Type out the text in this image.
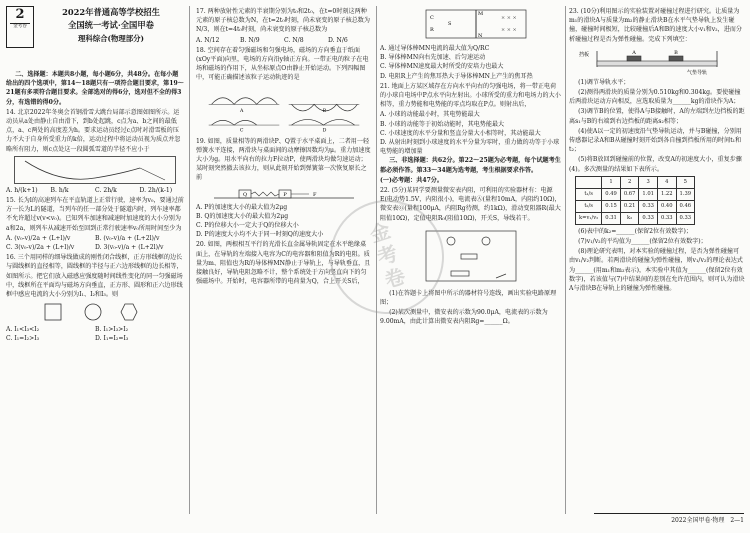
2
金考卷
2022年普通高等学校招生
全国统一考试·全国甲卷
理科综合(物理部分)

二、选择题：本题共8小题，每小题6分，共48分。在每小题给出的四个选项中，第14～18题只有一项符合题目要求，第19～21题有多项符合题目要求。全部选对的得6分，选对但不全的得3分，有选错的得0分。

14. 北京2022年冬奥会首钢滑雪大跳台局部示意图如图所示。运动员从a处由静止自由滑下，到b处起跳，c点为a、b之间的最低点，a、c两处的高度差为h。要求运动员经过c点时对滑雪板的压力不大于自身所受重力的k倍，运动过程中将运动员视为质点并忽略所有阻力，则c点处这一段圆弧雪道的半径不应小于

A. h/(k+1)	B. h/k	C. 2h/k	D. 2h/(k-1)

15. 长为l的高速列车在平直轨道上正常行驶，速率为v₀，要通过前方一长为L的隧道，当列车的任一部分处于隧道内时，列车速率都不允许超过v(v<v₀)。已知列车加速和减速时加速度的大小分别为a和2a，则列车从减速开始至回到正常行驶速率v₀所用时间至少为

A. (v₀-v)/2a + (L+l)/v	B. (v₀-v)/a + (L+2l)/v
C. 3(v₀-v)/2a + (L+l)/v	D. 3(v₀-v)/a + (L+2l)/v

16. 三个用同样的细导线做成的刚性闭合线框，正方形线框的边长与圆线框的直径相等，圆线框的半径与正六边形线框的边长相等，如图所示。把它们放入磁感应强度随时间线性变化的同一匀强磁场中，线框所在平面均与磁场方向垂直，正方形、圆形和正六边形线框中感应电流的大小分别为I₁、I₂和I₃。则

A. I₁<I₃<I₂	B. I₁>I₃>I₂
C. I₁=I₂>I₃	D. I₁=I₂=I₃

17. 两种放射性元素的半衰期分别为t₀和2t₀，在t=0时刻这两种元素的原子核总数为N，在t=2t₀时刻，尚未衰变的原子核总数为N/3，则在t=4t₀时刻，尚未衰变的原子核总数为

A. N/12	B. N/9	C. N/8	D. N/6

18. 空间存在着匀强磁场和匀强电场，磁场的方向垂直于纸面(xOy平面)向里，电场的方向沿y轴正方向。一带正电的粒子在电场和磁场的作用下，从坐标原点O由静止开始运动。下列四幅图中，可能正确描述该粒子运动轨迹的是

A	B
C	D

19. 如图，质量相等的两滑块P、Q置于水平桌面上，二者用一轻弹簧水平连接，两滑块与桌面间的动摩擦因数均为μ。重力加速度大小为g。用水平向右的拉力F拉动P，使两滑块均做匀速运动；某时刻突然撤去该拉力，则从此刻开始到弹簧第一次恢复原长之前

Q	P	F
A. P的加速度大小的最大值为2μg
B. Q的加速度大小的最大值为2μg
C. P的位移大小一定大于Q的位移大小
D. P的速度大小均不大于同一时刻Q的速度大小

20. 如图，两根相互平行的光滑长直金属导轨固定在水平绝缘桌面上，在导轨的左端接入电容为C的电容器和阻值为R的电阻。质量为m、阻值也为R的导体棒MN静止于导轨上，与导轨垂直，且接触良好，导轨电阻忽略不计，整个系统处于方向竖直向下的匀强磁场中。开始时，电容器所带的电荷量为Q，合上开关S后，

M
N
C
R
S
× × ×
× × ×
A. 通过导体棒MN电流的最大值为Q/RC
B. 导体棒MN向右先加速、后匀速运动
C. 导体棒MN速度最大时所受的安培力也最大
D. 电阻R上产生的焦耳热大于导体棒MN上产生的焦耳热

21. 地面上方某区域存在方向水平向右的匀强电场，将一带正电荷的小球自电场中P点水平向左射出。小球所受的重力和电场力的大小相等，重力势能和电势能的零点均取在P点。则射出后，

A. 小球的动能最小时，其电势能最大
B. 小球的动能等于初始动能时，其电势能最大
C. 小球速度的水平分量和竖直分量大小相等时，其动能最大
D. 从射出时刻到小球速度的水平分量为零时，重力做的功等于小球电势能的增加量

三、非选择题：共62分。第22～25题为必考题，每个试题考生都必须作答。第33～34题为选考题，考生根据要求作答。

(一)必考题：共47分。

22. (5分)某同学要测量微安表内阻，可利用的实验器材有：电源E(电动势1.5V，内阻很小)，电流表Ⓐ(量程10mA，内阻约10Ω)，微安表Ⓖ(量程100μA，内阻Rg待测，约1kΩ)，滑动变阻器R(最大阻值10Ω)，定值电阻R₀(阻值10Ω)，开关S，导线若干。

(1)在答题卡上将图中所示的器材符号连线，画出实验电路原理图；

(2)某次测量中，微安表的示数为90.0μA，电流表的示数为9.00mA，由此计算出微安表内阻Rg=______Ω。

23. (10分)利用图示的实验装置对碰撞过程进行研究。让质量为m₁的滑块A与质量为m₂的静止滑块B在水平气垫导轨上发生碰撞，碰撞时间极短，比较碰撞后A和B的速度大小v₁和v₂，进而分析碰撞过程是否为弹性碰撞。完成下列填空：

挡板	A	B
气垫导轨

(1)调节导轨水平；

(2)测得两滑块的质量分别为0.510kg和0.304kg。要使碰撞后两滑块运动方向相反，应选取质量为______kg的滑块作为A；

(3)调节B的位置，使得A与B接触时，A的左端到左边挡板的距离s₁与B的右端到右边挡板的距离s₂相等；

(4)使A以一定的初速度沿气垫导轨运动，并与B碰撞，分别用传感器记录A和B从碰撞时刻开始到各自撞到挡板所用的时间t₁和t₂；

(5)将B放回到碰撞前的位置，改变A的初速度大小，重复步骤(4)。多次测量的结果如下表所示。

	1	2	3	4	5
t₁/s	0.49	0.67	1.01	1.22	1.39
t₂/s	0.15	0.21	0.33	0.40	0.46
k=v₁/v₂	0.31	k₂	0.33	0.33	0.33

(6)表中的k₂=______(保留2位有效数字)；

(7)v₁/v₂的平均值为______(保留2位有效数字)；

(8)理论研究表明，对本实验的碰撞过程，是否为弹性碰撞可由v₁/v₂判断。若两滑块的碰撞为弹性碰撞，则v₁/v₂的理论表达式为______(用m₁和m₂表示)，本实验中其值为______(保留2位有效数字)，若该值与(7)中结果间的差别在允许范围内，则可认为滑块A与滑块B在导轨上的碰撞为弹性碰撞。

金考卷
2022全国甲卷·物理　2—1
